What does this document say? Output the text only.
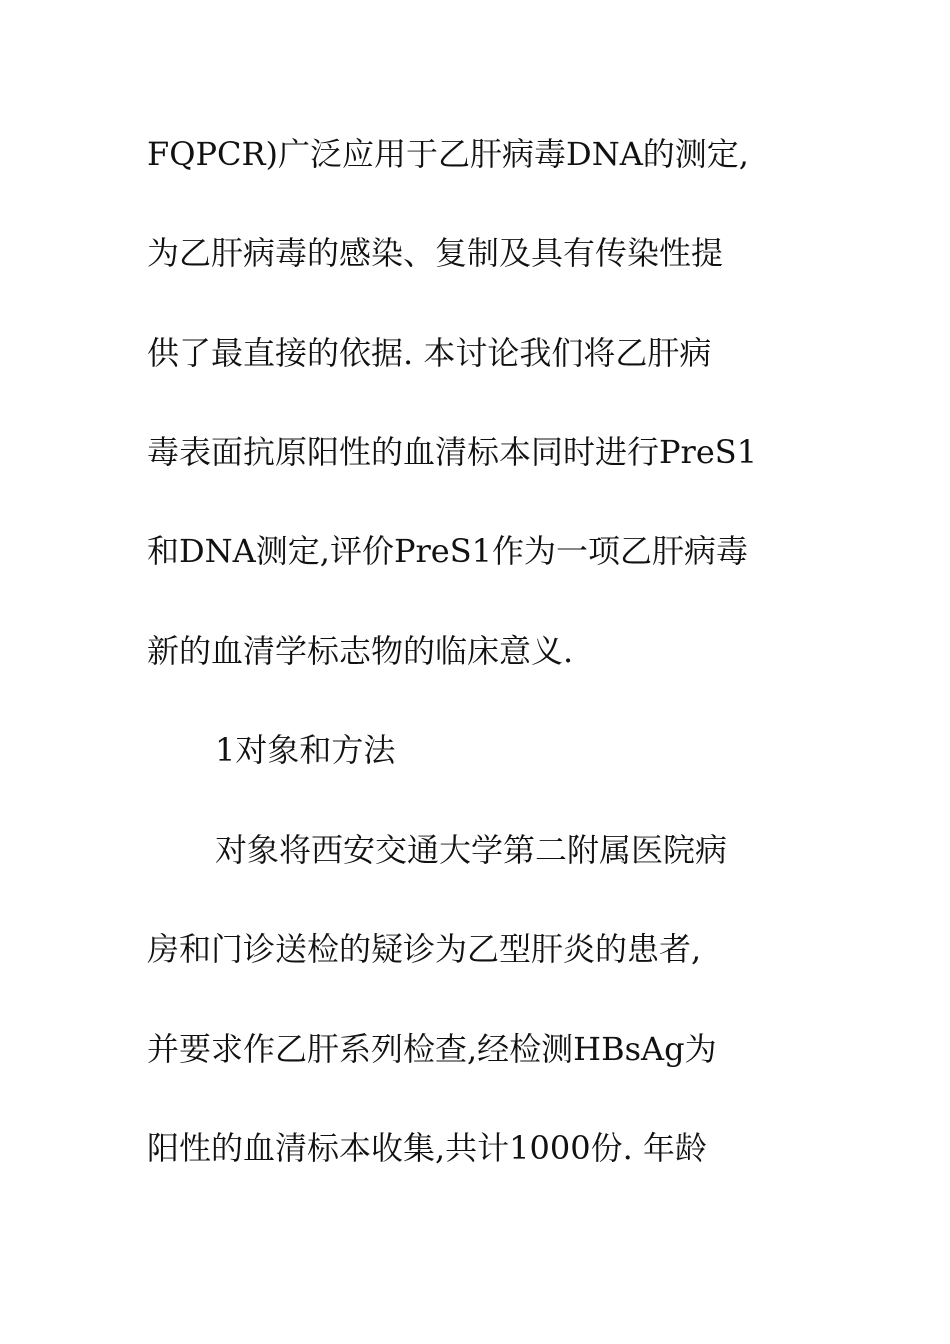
FQPCR)广泛应用于乙肝病毒DNA的测定,
为乙肝病毒的感染、复制及具有传染性提
供了最直接的依据. 本讨论我们将乙肝病
毒表面抗原阳性的血清标本同时进行PreS1
和DNA测定,评价PreS1作为一项乙肝病毒
新的血清学标志物的临床意义.
1对象和方法
对象将西安交通大学第二附属医院病
房和门诊送检的疑诊为乙型肝炎的患者,
并要求作乙肝系列检查,经检测HBsAg为
阳性的血清标本收集,共计1000份. 年龄
